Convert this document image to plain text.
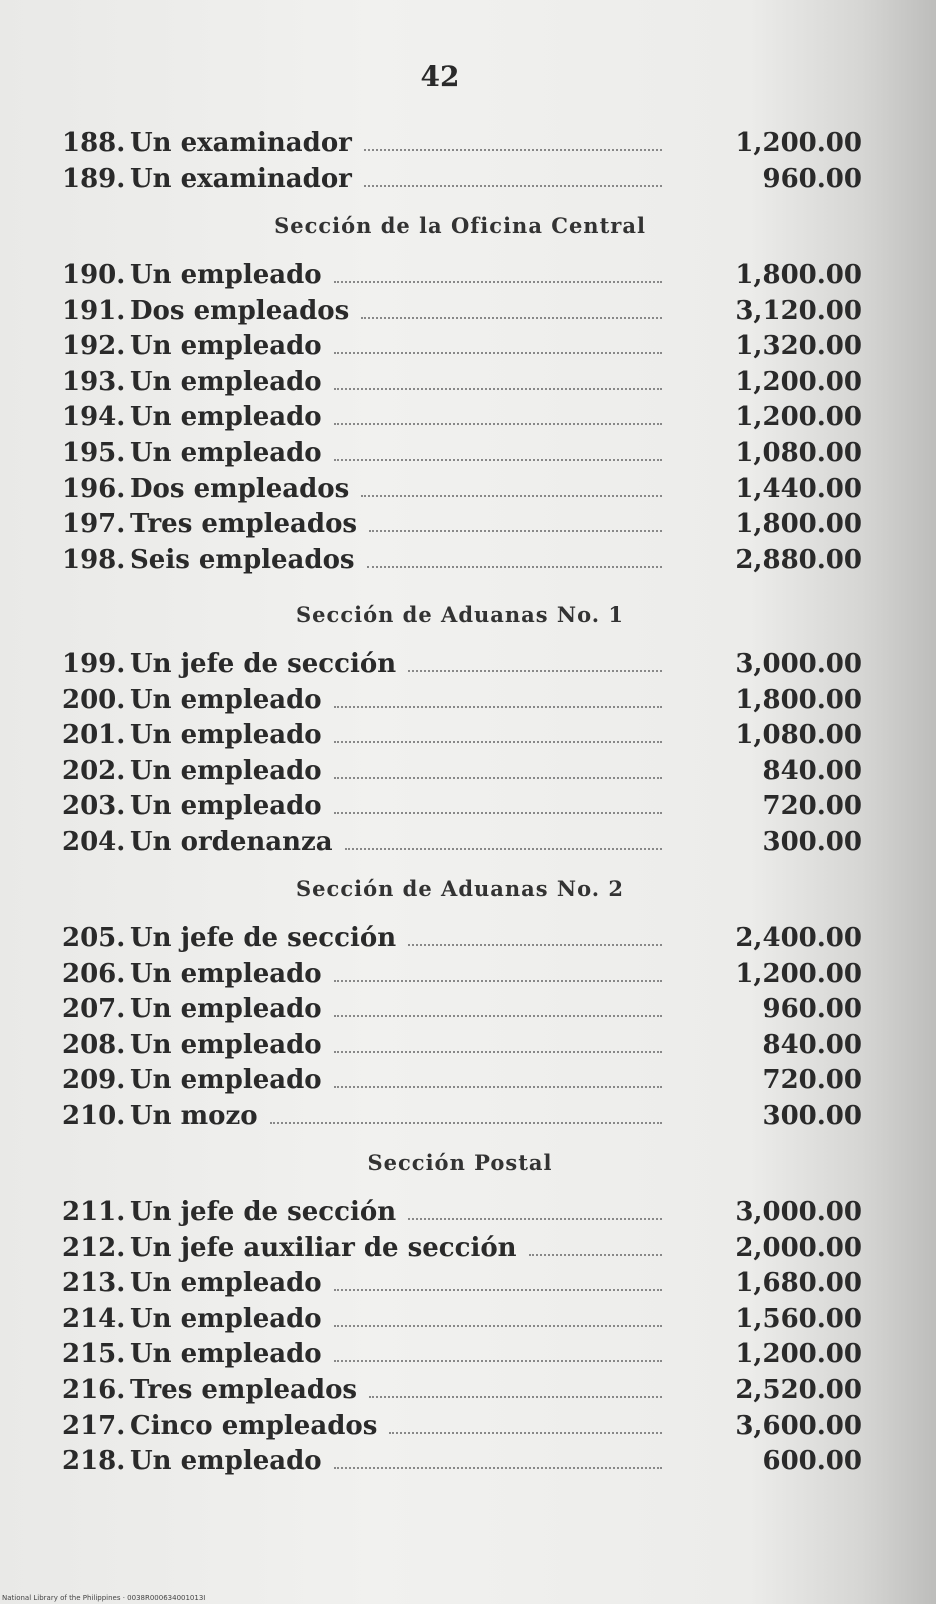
42
188. Un examinador	1,200.00
189. Un examinador	960.00
Sección de la Oficina Central
190. Un empleado	1,800.00
191. Dos empleados	3,120.00
192. Un empleado	1,320.00
193. Un empleado	1,200.00
194. Un empleado	1,200.00
195. Un empleado	1,080.00
196. Dos empleados	1,440.00
197. Tres empleados	1,800.00
198. Seis empleados	2,880.00
Sección de Aduanas No. 1
199. Un jefe de sección	3,000.00
200. Un empleado	1,800.00
201. Un empleado	1,080.00
202. Un empleado	840.00
203. Un empleado	720.00
204. Un ordenanza	300.00
Sección de Aduanas No. 2
205. Un jefe de sección	2,400.00
206. Un empleado	1,200.00
207. Un empleado	960.00
208. Un empleado	840.00
209. Un empleado	720.00
210. Un mozo	300.00
Sección Postal
211. Un jefe de sección	3,000.00
212. Un jefe auxiliar de sección	2,000.00
213. Un empleado	1,680.00
214. Un empleado	1,560.00
215. Un empleado	1,200.00
216. Tres empleados	2,520.00
217. Cinco empleados	3,600.00
218. Un empleado	600.00
National Library of the Philippines · 0038R000634001013I
